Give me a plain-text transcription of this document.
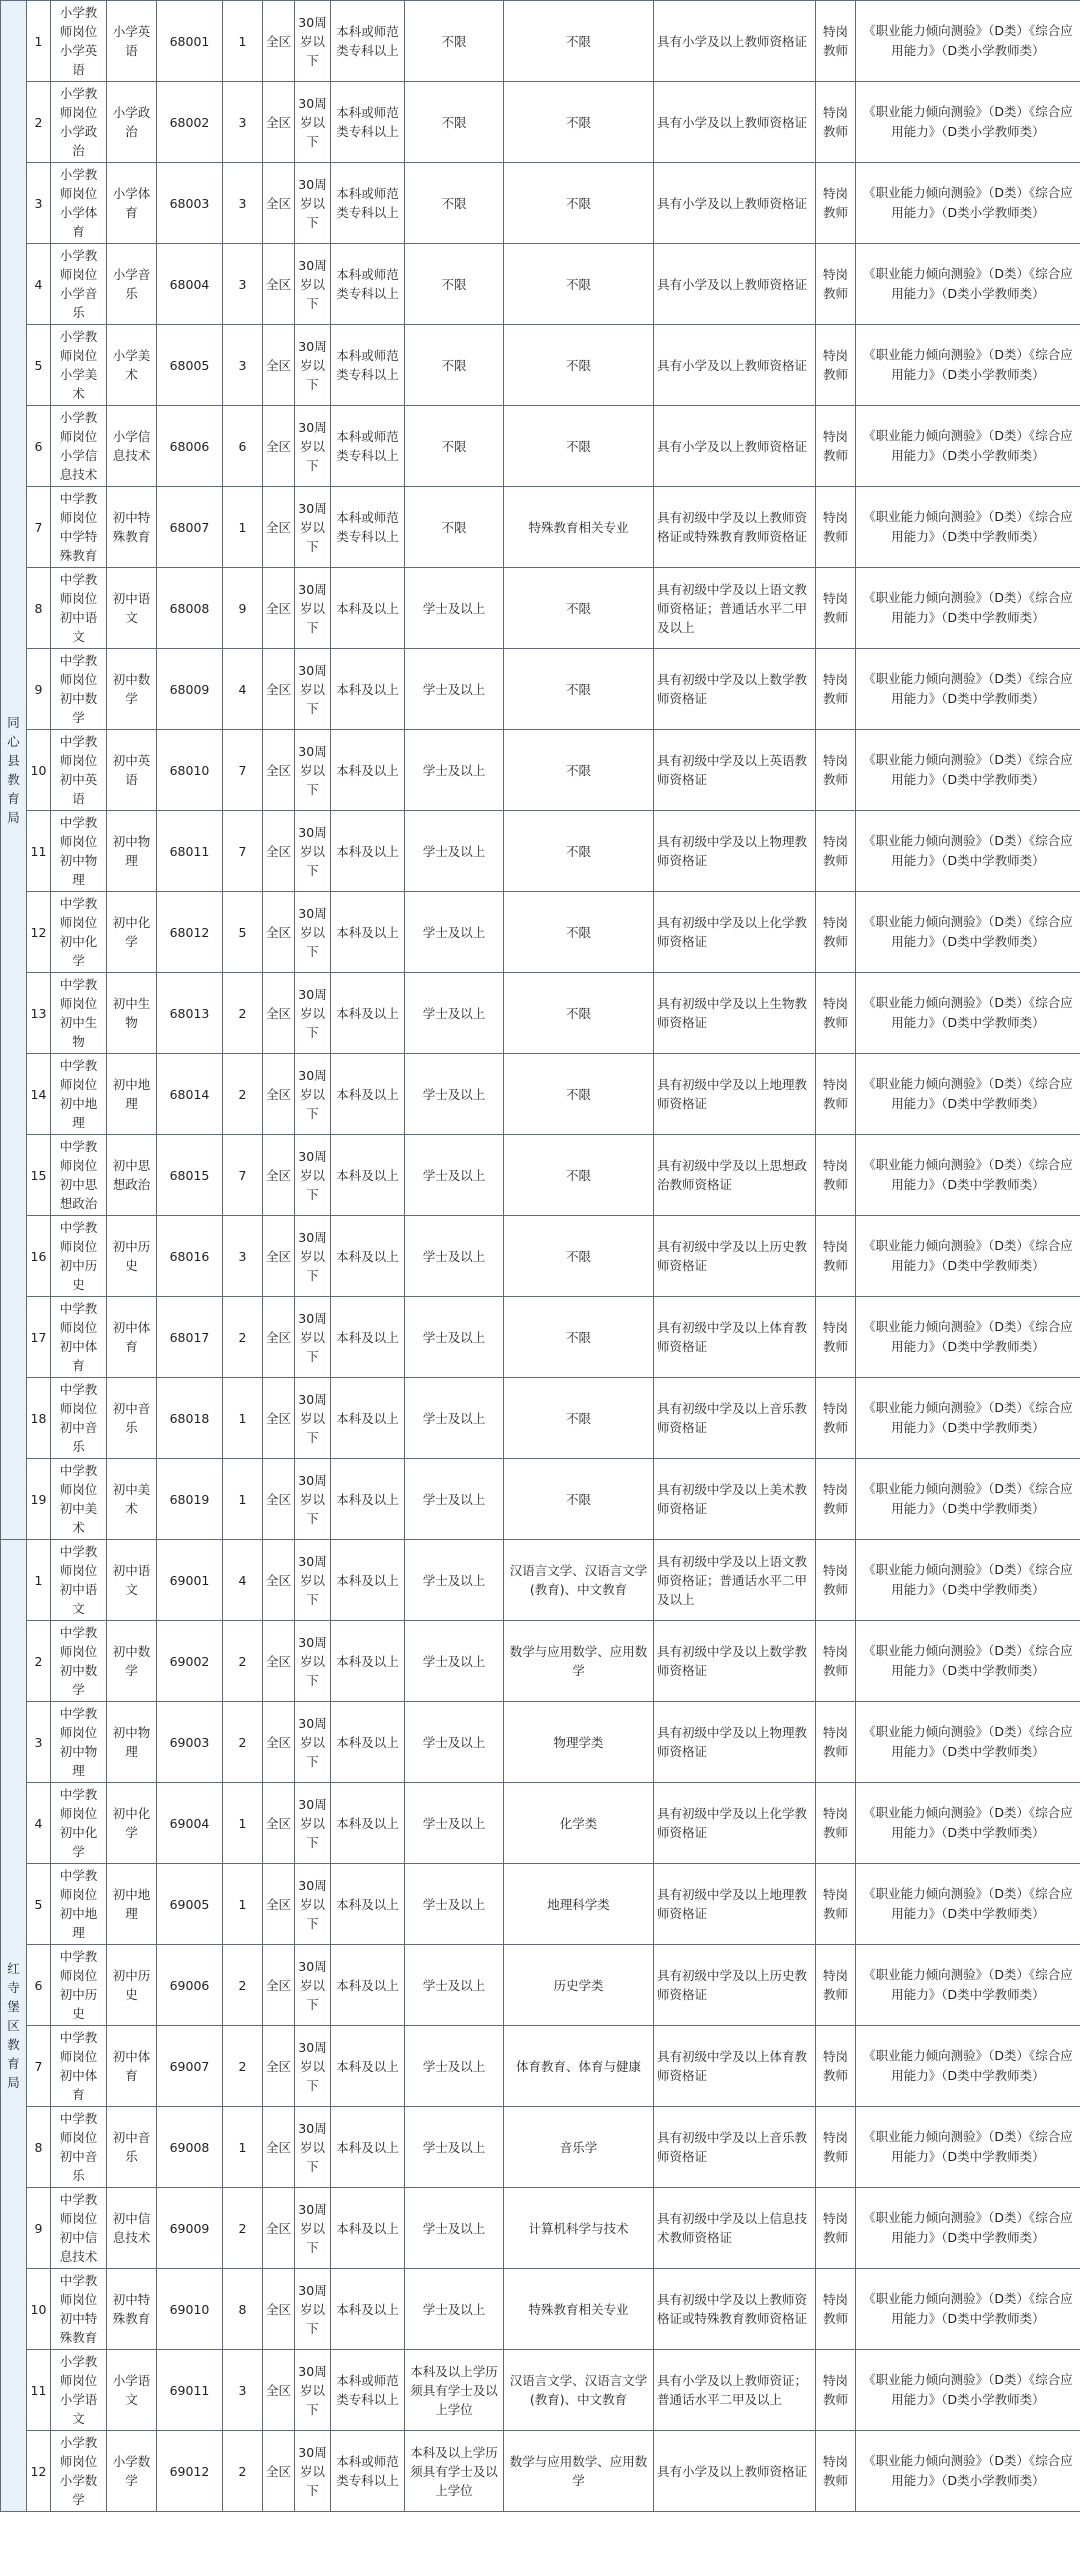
同心县教育局	1	小学教师岗位小学英语	小学英语	68001	1	全区	30周岁以下	本科或师范类专科以上	不限	不限	具有小学及以上教师资格证	特岗教师	《职业能力倾向测验》（D类）《综合应用能力》（D类小学教师类）
	2	小学教师岗位小学政治	小学政治	68002	3	全区	30周岁以下	本科或师范类专科以上	不限	不限	具有小学及以上教师资格证	特岗教师	《职业能力倾向测验》（D类）《综合应用能力》（D类小学教师类）
	3	小学教师岗位小学体育	小学体育	68003	3	全区	30周岁以下	本科或师范类专科以上	不限	不限	具有小学及以上教师资格证	特岗教师	《职业能力倾向测验》（D类）《综合应用能力》（D类小学教师类）
	4	小学教师岗位小学音乐	小学音乐	68004	3	全区	30周岁以下	本科或师范类专科以上	不限	不限	具有小学及以上教师资格证	特岗教师	《职业能力倾向测验》（D类）《综合应用能力》（D类小学教师类）
	5	小学教师岗位小学美术	小学美术	68005	3	全区	30周岁以下	本科或师范类专科以上	不限	不限	具有小学及以上教师资格证	特岗教师	《职业能力倾向测验》（D类）《综合应用能力》（D类小学教师类）
	6	小学教师岗位小学信息技术	小学信息技术	68006	6	全区	30周岁以下	本科或师范类专科以上	不限	不限	具有小学及以上教师资格证	特岗教师	《职业能力倾向测验》（D类）《综合应用能力》（D类小学教师类）
	7	中学教师岗位中学特殊教育	初中特殊教育	68007	1	全区	30周岁以下	本科或师范类专科以上	不限	特殊教育相关专业	具有初级中学及以上教师资格证或特殊教育教师资格证	特岗教师	《职业能力倾向测验》（D类）《综合应用能力》（D类中学教师类）
	8	中学教师岗位初中语文	初中语文	68008	9	全区	30周岁以下	本科及以上	学士及以上	不限	具有初级中学及以上语文教师资格证；普通话水平二甲及以上	特岗教师	《职业能力倾向测验》（D类）《综合应用能力》（D类中学教师类）
	9	中学教师岗位初中数学	初中数学	68009	4	全区	30周岁以下	本科及以上	学士及以上	不限	具有初级中学及以上数学教师资格证	特岗教师	《职业能力倾向测验》（D类）《综合应用能力》（D类中学教师类）
	10	中学教师岗位初中英语	初中英语	68010	7	全区	30周岁以下	本科及以上	学士及以上	不限	具有初级中学及以上英语教师资格证	特岗教师	《职业能力倾向测验》（D类）《综合应用能力》（D类中学教师类）
	11	中学教师岗位初中物理	初中物理	68011	7	全区	30周岁以下	本科及以上	学士及以上	不限	具有初级中学及以上物理教师资格证	特岗教师	《职业能力倾向测验》（D类）《综合应用能力》（D类中学教师类）
	12	中学教师岗位初中化学	初中化学	68012	5	全区	30周岁以下	本科及以上	学士及以上	不限	具有初级中学及以上化学教师资格证	特岗教师	《职业能力倾向测验》（D类）《综合应用能力》（D类中学教师类）
	13	中学教师岗位初中生物	初中生物	68013	2	全区	30周岁以下	本科及以上	学士及以上	不限	具有初级中学及以上生物教师资格证	特岗教师	《职业能力倾向测验》（D类）《综合应用能力》（D类中学教师类）
	14	中学教师岗位初中地理	初中地理	68014	2	全区	30周岁以下	本科及以上	学士及以上	不限	具有初级中学及以上地理教师资格证	特岗教师	《职业能力倾向测验》（D类）《综合应用能力》（D类中学教师类）
	15	中学教师岗位初中思想政治	初中思想政治	68015	7	全区	30周岁以下	本科及以上	学士及以上	不限	具有初级中学及以上思想政治教师资格证	特岗教师	《职业能力倾向测验》（D类）《综合应用能力》（D类中学教师类）
	16	中学教师岗位初中历史	初中历史	68016	3	全区	30周岁以下	本科及以上	学士及以上	不限	具有初级中学及以上历史教师资格证	特岗教师	《职业能力倾向测验》（D类）《综合应用能力》（D类中学教师类）
	17	中学教师岗位初中体育	初中体育	68017	2	全区	30周岁以下	本科及以上	学士及以上	不限	具有初级中学及以上体育教师资格证	特岗教师	《职业能力倾向测验》（D类）《综合应用能力》（D类中学教师类）
	18	中学教师岗位初中音乐	初中音乐	68018	1	全区	30周岁以下	本科及以上	学士及以上	不限	具有初级中学及以上音乐教师资格证	特岗教师	《职业能力倾向测验》（D类）《综合应用能力》（D类中学教师类）
	19	中学教师岗位初中美术	初中美术	68019	1	全区	30周岁以下	本科及以上	学士及以上	不限	具有初级中学及以上美术教师资格证	特岗教师	《职业能力倾向测验》（D类）《综合应用能力》（D类中学教师类）
红寺堡区教育局	1	中学教师岗位初中语文	初中语文	69001	4	全区	30周岁以下	本科及以上	学士及以上	汉语言文学、汉语言文学(教育)、中文教育	具有初级中学及以上语文教师资格证；普通话水平二甲及以上	特岗教师	《职业能力倾向测验》（D类）《综合应用能力》（D类中学教师类）
	2	中学教师岗位初中数学	初中数学	69002	2	全区	30周岁以下	本科及以上	学士及以上	数学与应用数学、应用数学	具有初级中学及以上数学教师资格证	特岗教师	《职业能力倾向测验》（D类）《综合应用能力》（D类中学教师类）
	3	中学教师岗位初中物理	初中物理	69003	2	全区	30周岁以下	本科及以上	学士及以上	物理学类	具有初级中学及以上物理教师资格证	特岗教师	《职业能力倾向测验》（D类）《综合应用能力》（D类中学教师类）
	4	中学教师岗位初中化学	初中化学	69004	1	全区	30周岁以下	本科及以上	学士及以上	化学类	具有初级中学及以上化学教师资格证	特岗教师	《职业能力倾向测验》（D类）《综合应用能力》（D类中学教师类）
	5	中学教师岗位初中地理	初中地理	69005	1	全区	30周岁以下	本科及以上	学士及以上	地理科学类	具有初级中学及以上地理教师资格证	特岗教师	《职业能力倾向测验》（D类）《综合应用能力》（D类中学教师类）
	6	中学教师岗位初中历史	初中历史	69006	2	全区	30周岁以下	本科及以上	学士及以上	历史学类	具有初级中学及以上历史教师资格证	特岗教师	《职业能力倾向测验》（D类）《综合应用能力》（D类中学教师类）
	7	中学教师岗位初中体育	初中体育	69007	2	全区	30周岁以下	本科及以上	学士及以上	体育教育、体育与健康	具有初级中学及以上体育教师资格证	特岗教师	《职业能力倾向测验》（D类）《综合应用能力》（D类中学教师类）
	8	中学教师岗位初中音乐	初中音乐	69008	1	全区	30周岁以下	本科及以上	学士及以上	音乐学	具有初级中学及以上音乐教师资格证	特岗教师	《职业能力倾向测验》（D类）《综合应用能力》（D类中学教师类）
	9	中学教师岗位初中信息技术	初中信息技术	69009	2	全区	30周岁以下	本科及以上	学士及以上	计算机科学与技术	具有初级中学及以上信息技术教师资格证	特岗教师	《职业能力倾向测验》（D类）《综合应用能力》（D类中学教师类）
	10	中学教师岗位初中特殊教育	初中特殊教育	69010	8	全区	30周岁以下	本科及以上	学士及以上	特殊教育相关专业	具有初级中学及以上教师资格证或特殊教育教师资格证	特岗教师	《职业能力倾向测验》（D类）《综合应用能力》（D类中学教师类）
	11	小学教师岗位小学语文	小学语文	69011	3	全区	30周岁以下	本科或师范类专科以上	本科及以上学历须具有学士及以上学位	汉语言文学、汉语言文学(教育)、中文教育	具有小学及以上教师资证；普通话水平二甲及以上	特岗教师	《职业能力倾向测验》（D类）《综合应用能力》（D类小学教师类）
	12	小学教师岗位小学数学	小学数学	69012	2	全区	30周岁以下	本科或师范类专科以上	本科及以上学历须具有学士及以上学位	数学与应用数学、应用数学	具有小学及以上教师资格证	特岗教师	《职业能力倾向测验》（D类）《综合应用能力》（D类小学教师类）
